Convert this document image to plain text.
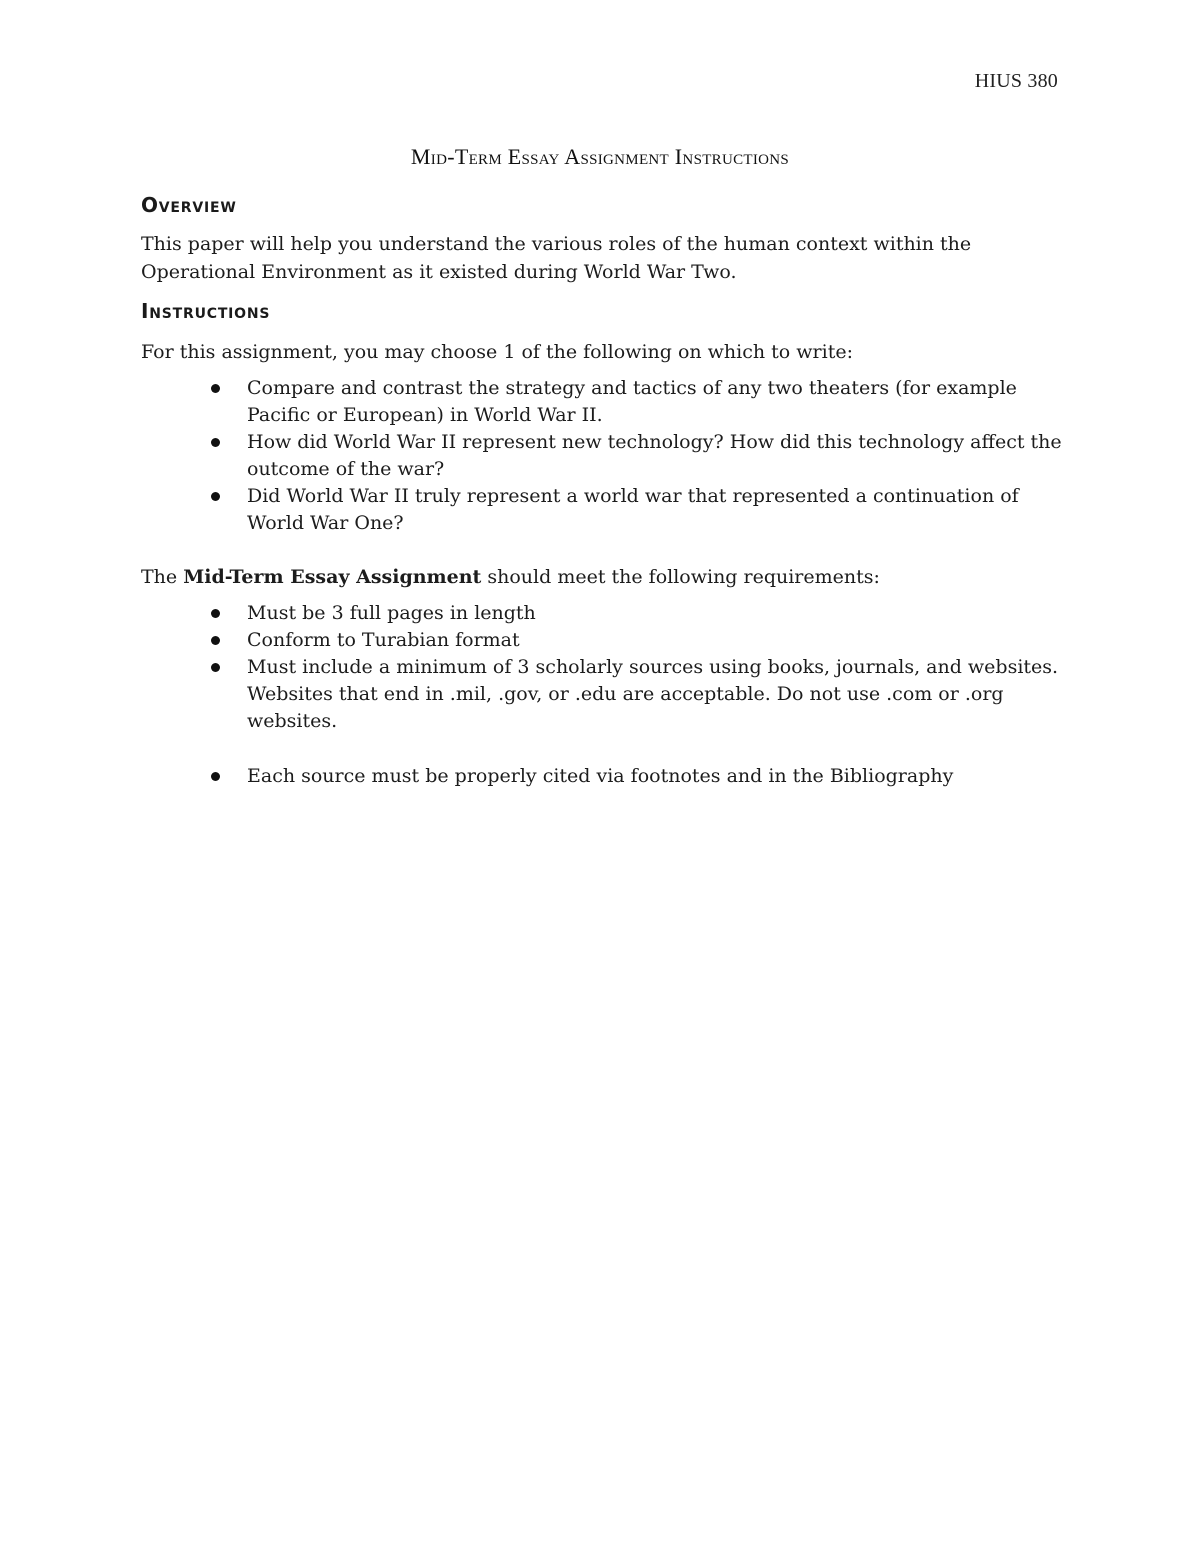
HIUS 380
Mid-Term Essay Assignment Instructions
Overview

This paper will help you understand the various roles of the human context within the Operational Environment as it existed during World War Two.

Instructions

For this assignment, you may choose 1 of the following on which to write:

Compare and contrast the strategy and tactics of any two theaters (for example Pacific or European) in World War II.
How did World War II represent new technology? How did this technology affect the outcome of the war?
Did World War II truly represent a world war that represented a continuation of World War One?

The Mid-Term Essay Assignment should meet the following requirements:

Must be 3 full pages in length
Conform to Turabian format
Must include a minimum of 3 scholarly sources using books, journals, and websites. Websites that end in .mil, .gov, or .edu are acceptable. Do not use .com or .org websites.
Each source must be properly cited via footnotes and in the Bibliography
